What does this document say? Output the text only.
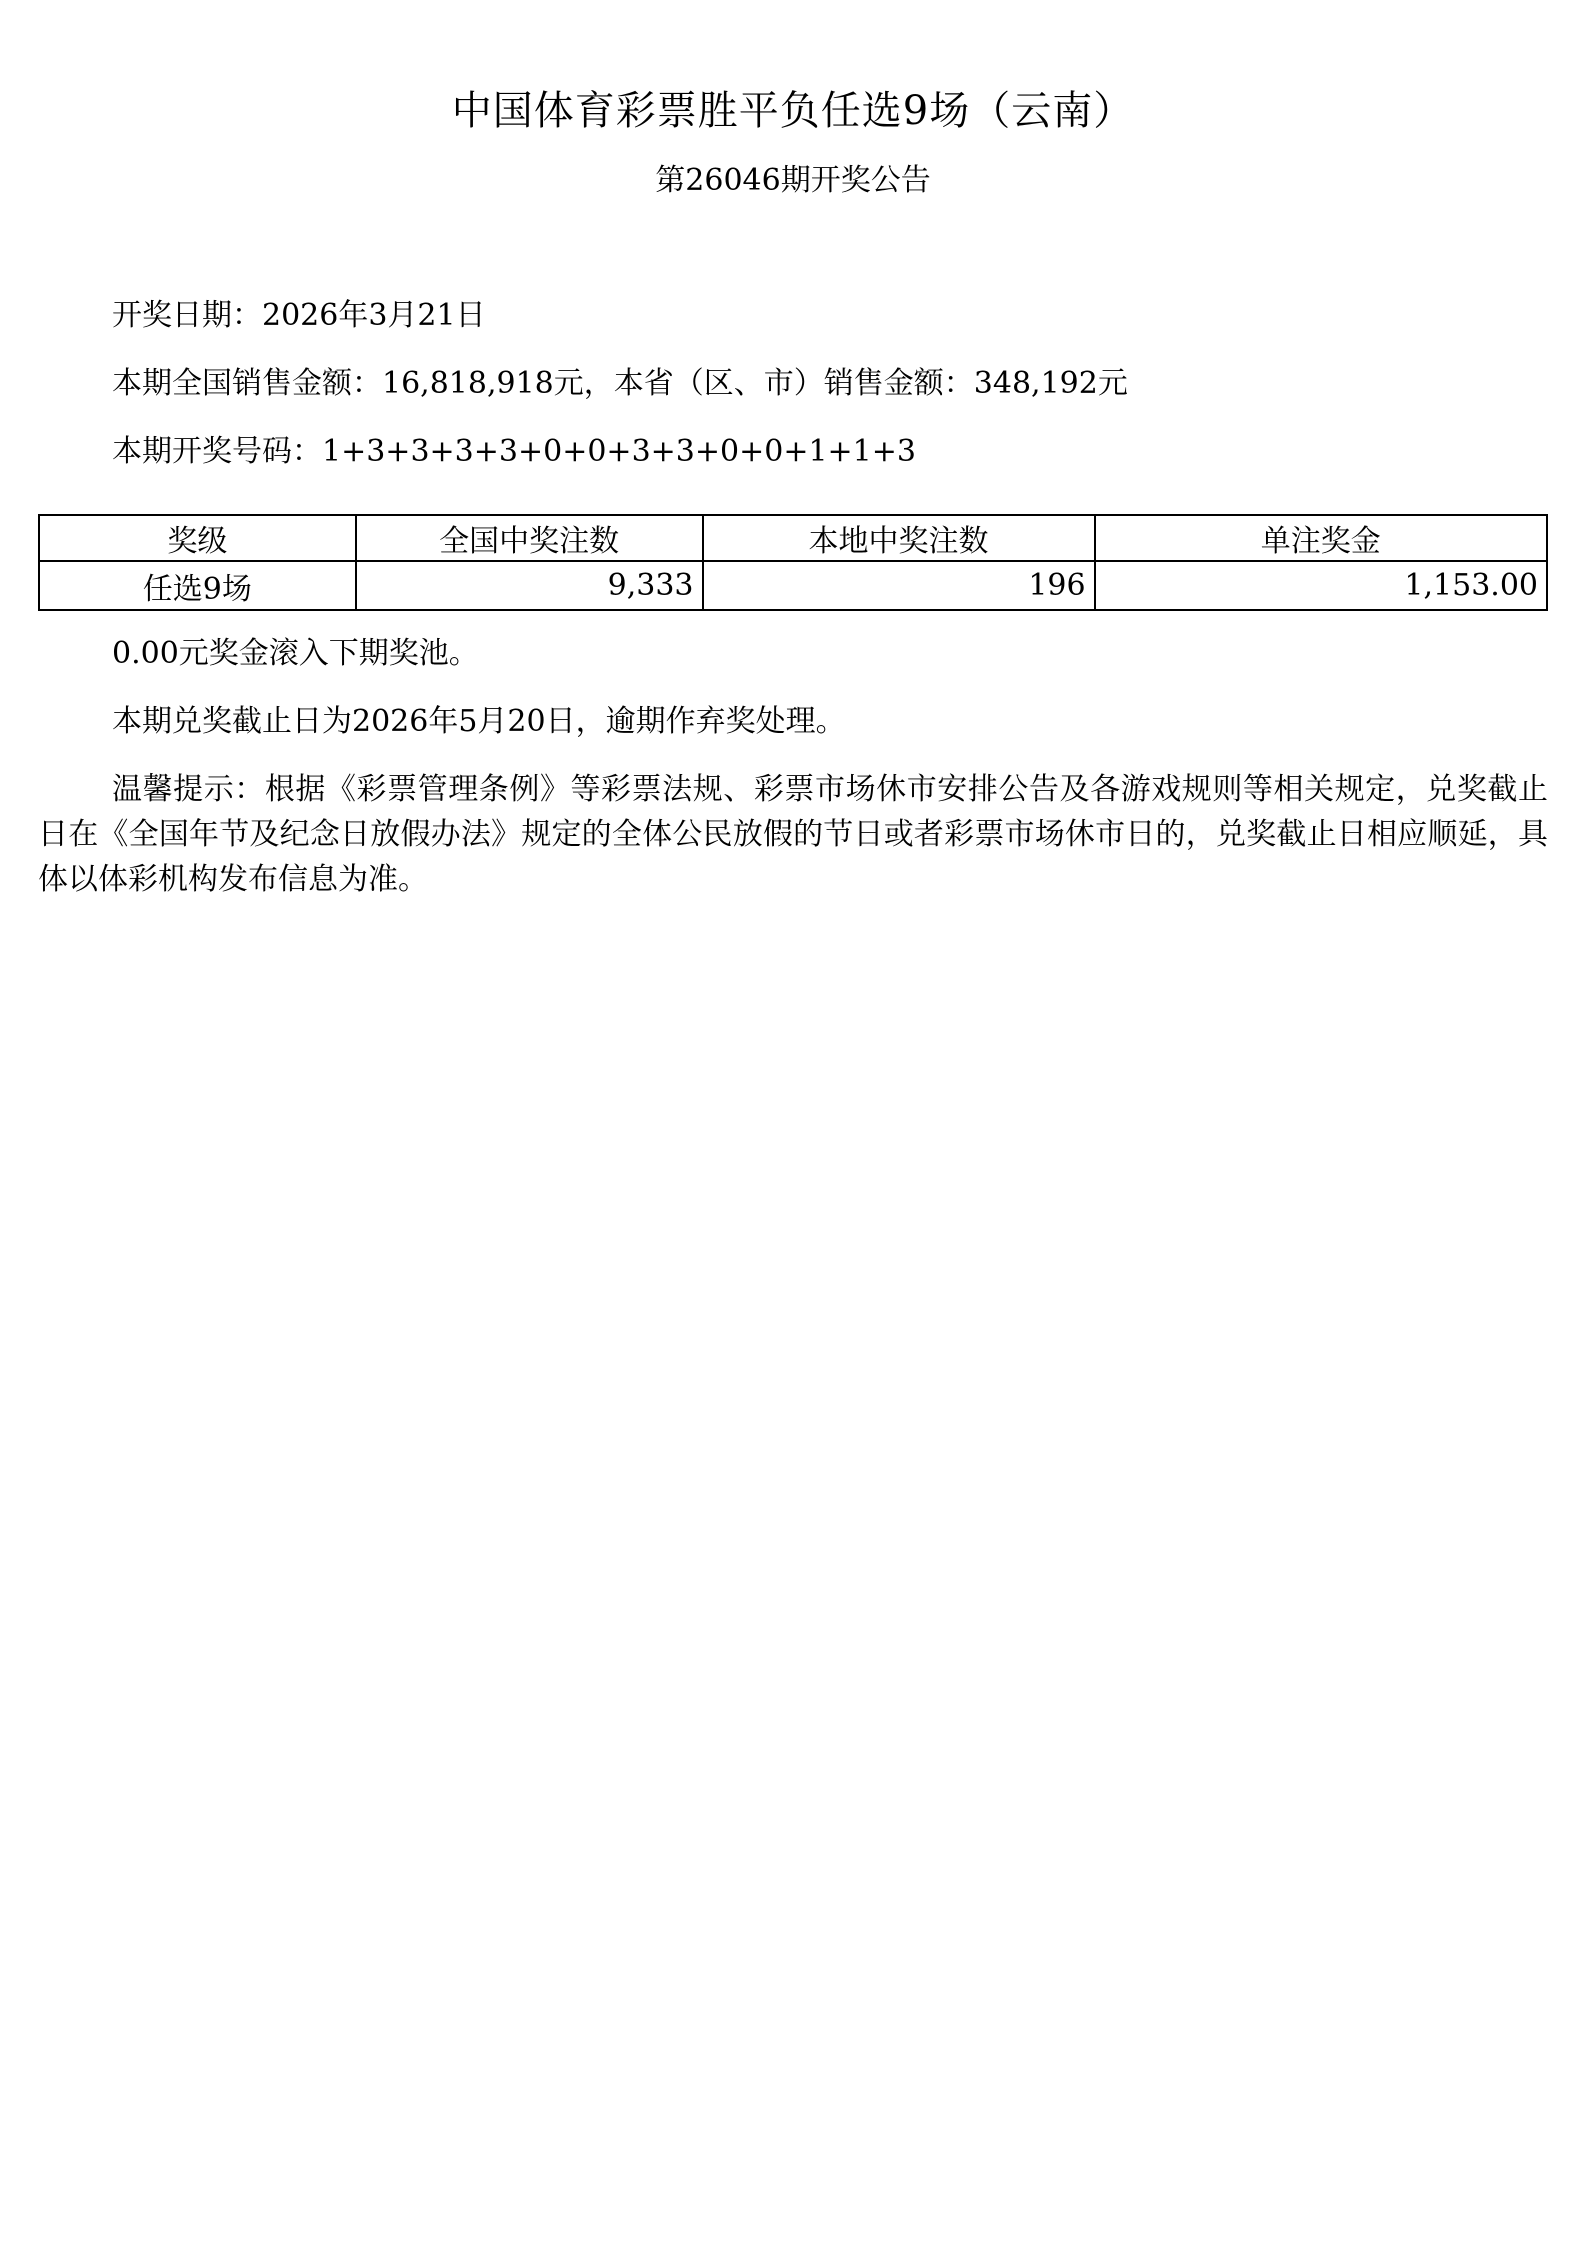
中国体育彩票胜平负任选9场（云南）
第26046期开奖公告

开奖日期：2026年3月21日

本期全国销售金额：16,818,918元，本省（区、市）销售金额：348,192元

本期开奖号码：1+3+3+3+3+0+0+3+3+0+0+1+1+3

奖级	全国中奖注数	本地中奖注数	单注奖金
任选9场	9,333	196	1,153.00

0.00元奖金滚入下期奖池。

本期兑奖截止日为2026年5月20日，逾期作弃奖处理。

温馨提示：根据《彩票管理条例》等彩票法规、彩票市场休市安排公告及各游戏规则等相关规定，兑奖截止日在《全国年节及纪念日放假办法》规定的全体公民放假的节日或者彩票市场休市日的，兑奖截止日相应顺延，具体以体彩机构发布信息为准。
